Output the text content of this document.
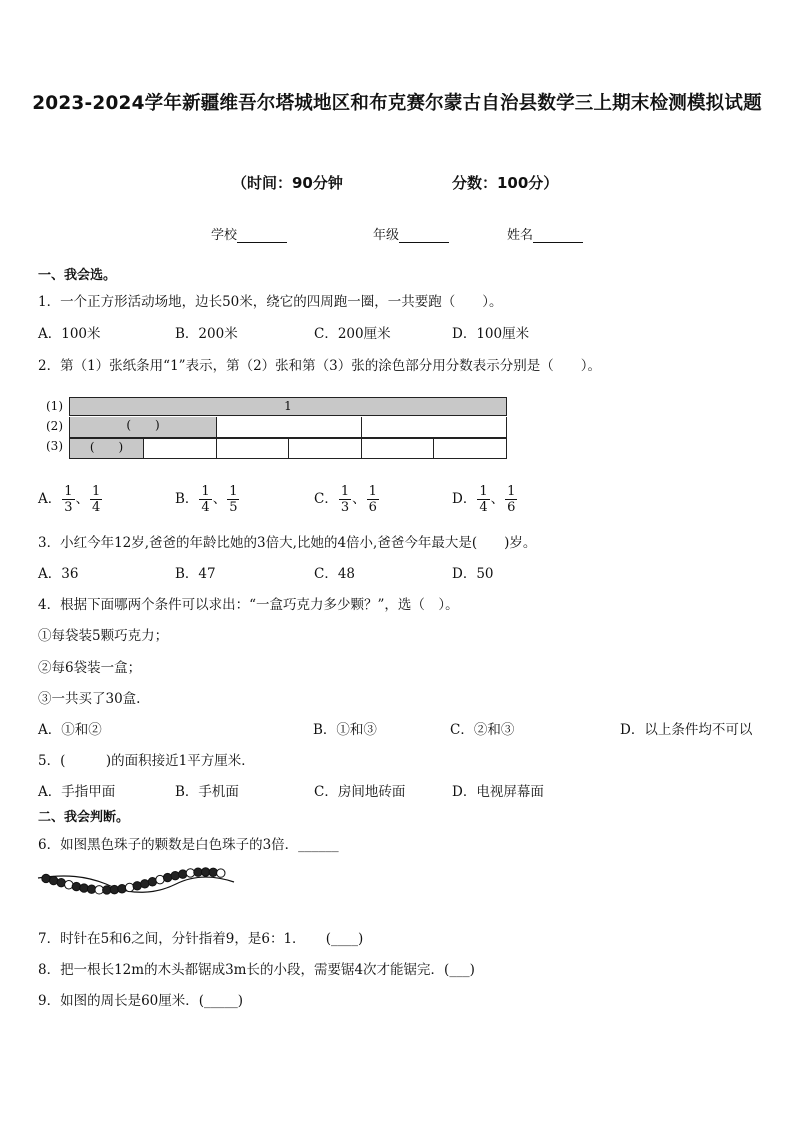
2023-2024学年新疆维吾尔塔城地区和布克赛尔蒙古自治县数学三上期末检测模拟试题
（时间：90分钟	分数：100分）
学校	年级	姓名
一、我会选。
1．一个正方形活动场地，边长50米，绕它的四周跑一圈，一共要跑（　　）。
A．100米	B．200米	C．200厘米	D．100厘米
2．第（1）张纸条用“1”表示，第（2）张和第（3）张的涂色部分用分数表示分别是（　　）。
(1)
(2)
(3)
1
(　　)
(　　)
A． $\frac{1}{3}$ 、 $\frac{1}{4}$	B． $\frac{1}{4}$ 、 $\frac{1}{5}$	C． $\frac{1}{3}$ 、 $\frac{1}{6}$	D． $\frac{1}{4}$ 、 $\frac{1}{6}$
3．小红今年12岁,爸爸的年龄比她的3倍大,比她的4倍小,爸爸今年最大是(　　)岁。
A．36	B．47	C．48	D．50
4．根据下面哪两个条件可以求出：“一盒巧克力多少颗？”，选（　）。
①每袋装5颗巧克力；
②每6袋装一盒；
③一共买了30盒.
A．①和②	B．①和③	C．②和③	D．以上条件均不可以
5．(　　　)的面积接近1平方厘米．
A．手指甲面	B．手机面	C．房间地砖面	D．电视屏幕面
二、我会判断。
6．如图黑色珠子的颗数是白色珠子的3倍．______
7．时针在5和6之间，分针指着9，是6：1．　　(____)
8．把一根长12m的木头都锯成3m长的小段，需要锯4次才能锯完．(___)
9．如图的周长是60厘米．(_____)
